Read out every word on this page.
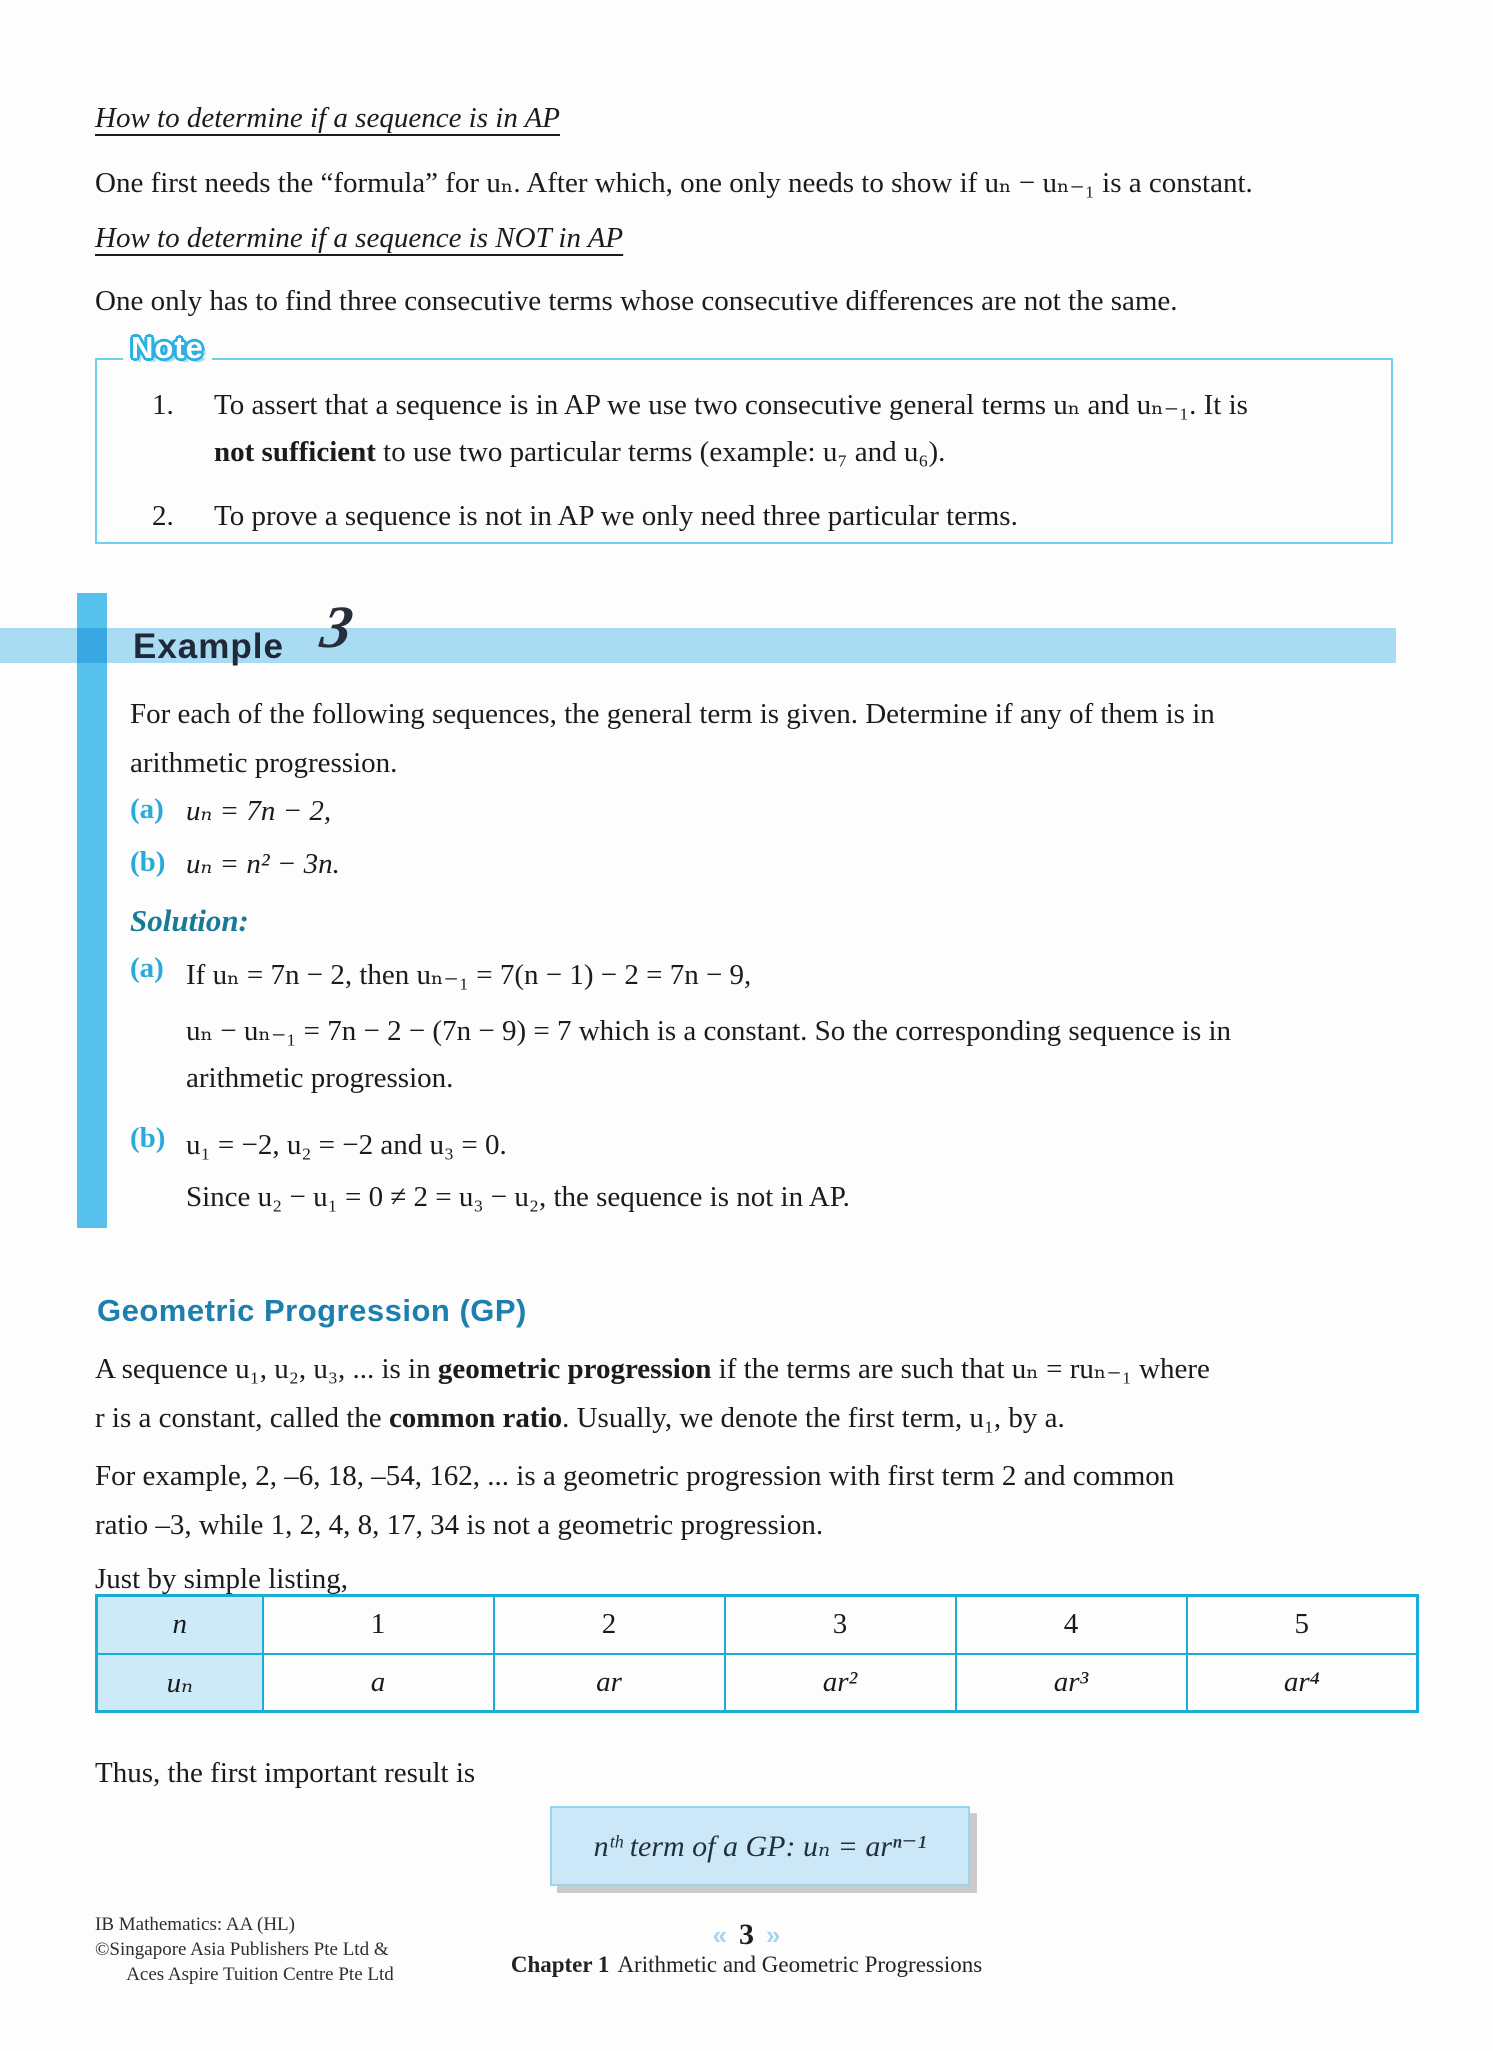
How to determine if a sequence is in AP
One first needs the “formula” for uₙ. After which, one only needs to show if uₙ − uₙ₋₁ is a constant.
How to determine if a sequence is NOT in AP
One only has to find three consecutive terms whose consecutive differences are not the same.
Note
1.	To assert that a sequence is in AP we use two consecutive general terms uₙ and uₙ₋₁. It is
not sufficient to use two particular terms (example: u₇ and u₆).
2.	To prove a sequence is not in AP we only need three particular terms.
Example 3
For each of the following sequences, the general term is given. Determine if any of them is in
arithmetic progression.
(a) uₙ = 7n − 2,
(b) uₙ = n² − 3n.
Solution:
(a) If uₙ = 7n − 2, then uₙ₋₁ = 7(n − 1) − 2 = 7n − 9,
uₙ − uₙ₋₁ = 7n − 2 − (7n − 9) = 7 which is a constant. So the corresponding sequence is in
arithmetic progression.
(b) u₁ = −2, u₂ = −2 and u₃ = 0.
Since u₂ − u₁ = 0 ≠ 2 = u₃ − u₂, the sequence is not in AP.
Geometric Progression (GP)
A sequence u₁, u₂, u₃, ... is in geometric progression if the terms are such that uₙ = ruₙ₋₁ where
r is a constant, called the common ratio. Usually, we denote the first term, u₁, by a.
For example, 2, –6, 18, –54, 162, ... is a geometric progression with first term 2 and common
ratio –3, while 1, 2, 4, 8, 17, 34 is not a geometric progression.
Just by simple listing,
n	1	2	3	4	5
uₙ	a	ar	ar²	ar³	ar⁴
Thus, the first important result is
nᵗʰ term of a GP: uₙ = arⁿ⁻¹
IB Mathematics: AA (HL)
©Singapore Asia Publishers Pte Ltd &
Aces Aspire Tuition Centre Pte Ltd
« 3 »
Chapter 1 Arithmetic and Geometric Progressions
